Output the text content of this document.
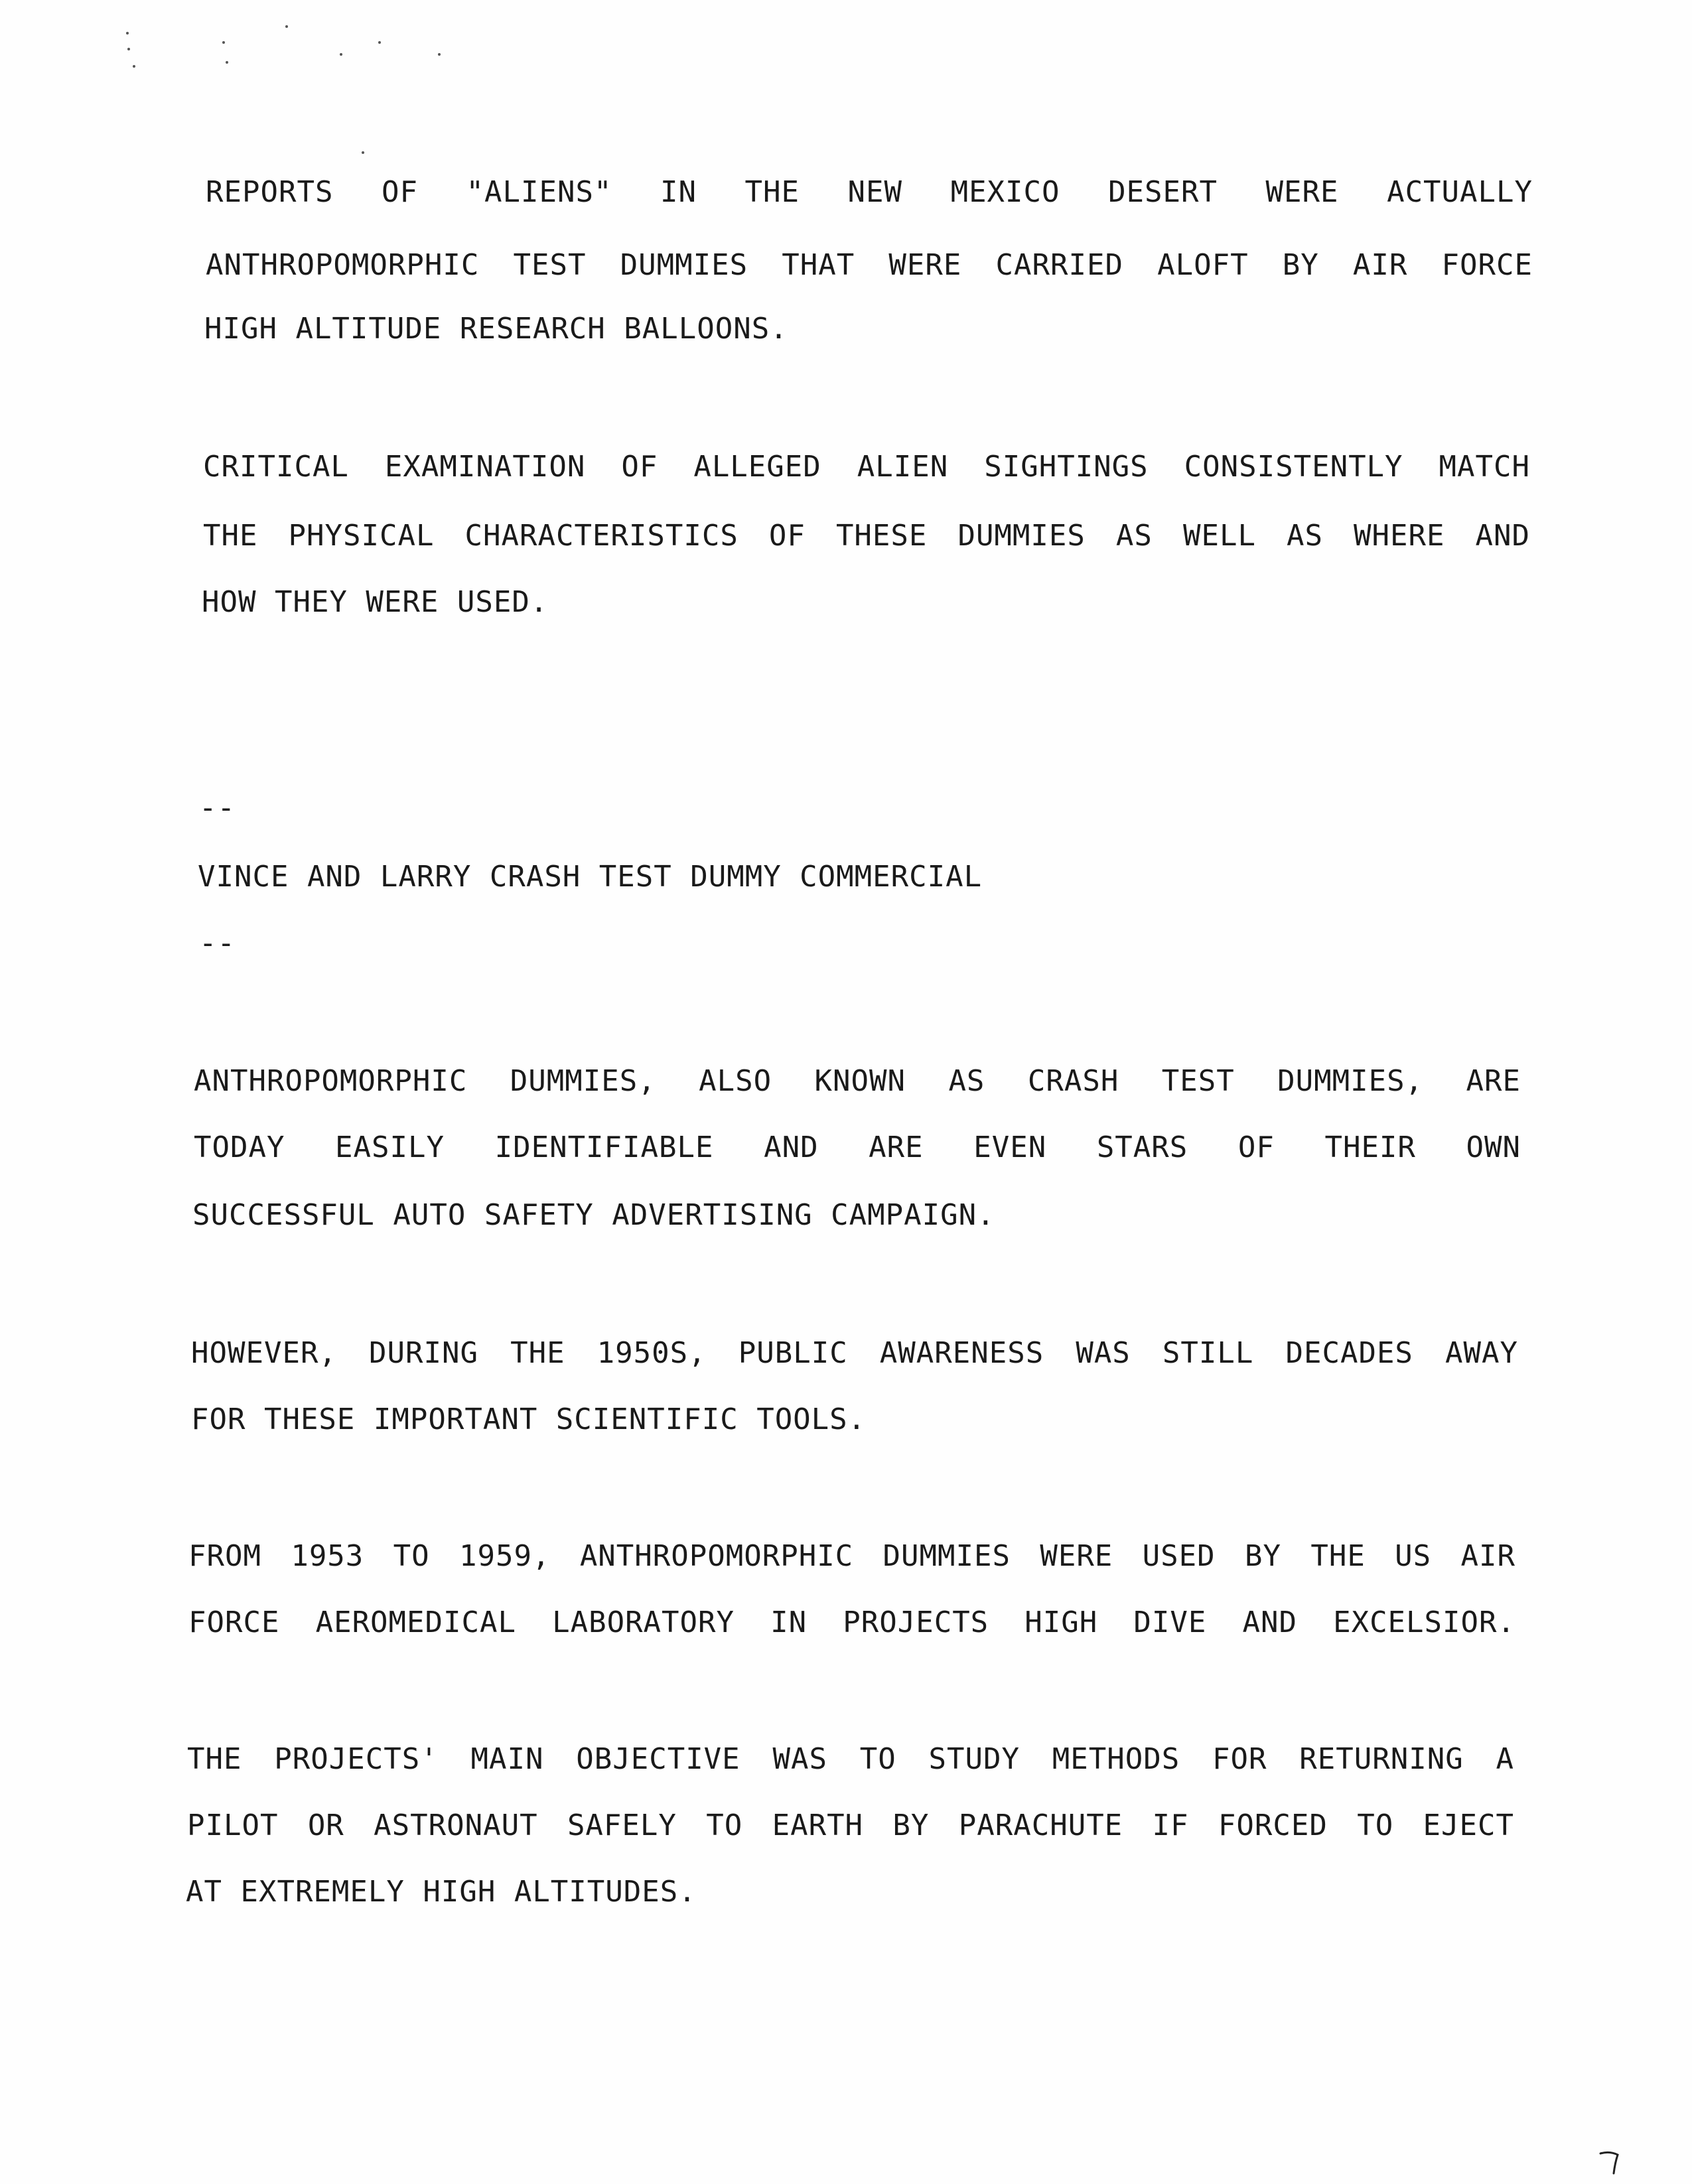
REPORTS OF "ALIENS" IN THE NEW MEXICO DESERT WERE ACTUALLY
ANTHROPOMORPHIC TEST DUMMIES THAT WERE CARRIED ALOFT BY AIR FORCE
HIGH ALTITUDE RESEARCH BALLOONS.
CRITICAL EXAMINATION OF ALLEGED ALIEN SIGHTINGS CONSISTENTLY MATCH
THE PHYSICAL CHARACTERISTICS OF THESE DUMMIES AS WELL AS WHERE AND
HOW THEY WERE USED.
--
VINCE AND LARRY CRASH TEST DUMMY COMMERCIAL
--
ANTHROPOMORPHIC DUMMIES, ALSO KNOWN AS CRASH TEST DUMMIES, ARE
TODAY EASILY IDENTIFIABLE AND ARE EVEN STARS OF THEIR OWN
SUCCESSFUL AUTO SAFETY ADVERTISING CAMPAIGN.
HOWEVER, DURING THE 1950S, PUBLIC AWARENESS WAS STILL DECADES AWAY
FOR THESE IMPORTANT SCIENTIFIC TOOLS.
FROM 1953 TO 1959, ANTHROPOMORPHIC DUMMIES WERE USED BY THE US AIR
FORCE AEROMEDICAL LABORATORY IN PROJECTS HIGH DIVE AND EXCELSIOR.
THE PROJECTS' MAIN OBJECTIVE WAS TO STUDY METHODS FOR RETURNING A
PILOT OR ASTRONAUT SAFELY TO EARTH BY PARACHUTE IF FORCED TO EJECT
AT EXTREMELY HIGH ALTITUDES.
